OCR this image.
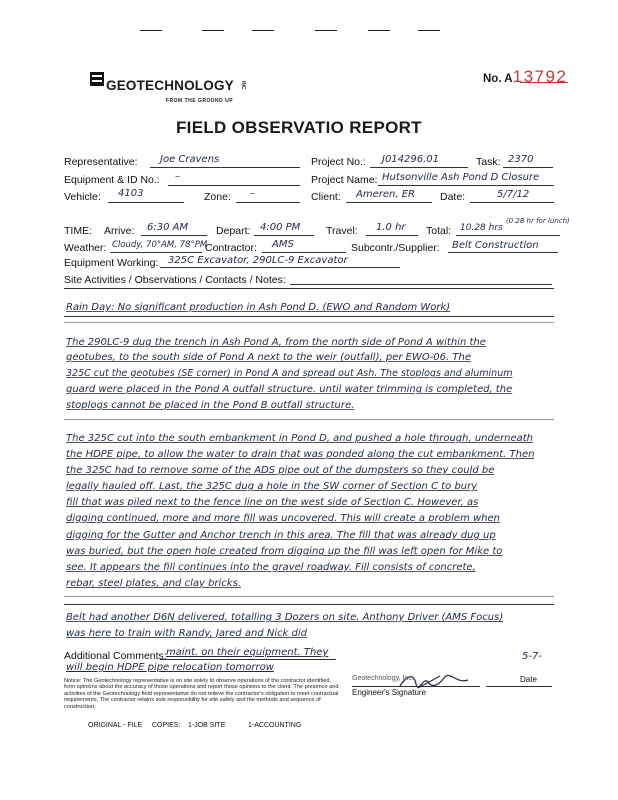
GEOTECHNOLOGY INC
FROM THE GROUND UP
No. A13792
FIELD OBSERVATIO REPORT
Representative: Joe Cravens	Project No.: J014296.01	Task: 2370
Equipment & ID No.: –	Project Name: Hutsonville Ash Pond D Closure
Vehicle: 4103	Zone: –	Client: Ameren, ER Date:	5/7/12
TIME: Arrive: 6:30 AM	Depart: 4:00 PM Travel: 1.0 hr Total: 10.28 hrs
(0.28 hr for lunch)
Weather: Cloudy, 70°AM, 78°PM
Contractor: AMS	Subcontr./Supplier: Belt Construction
Equipment Working: 325C Excavator, 290LC-9 Excavator
Site Activities / Observations / Contacts / Notes:
Rain Day: No significant production in Ash Pond D. (EWO and Random Work)
The 290LC-9 dug the trench in Ash Pond A, from the north side of Pond A within the
geotubes, to the south side of Pond A next to the weir (outfall), per EWO-06. The
325C cut the geotubes (SE corner) in Pond A and spread out Ash. The stoplogs and aluminum
guard were placed in the Pond A outfall structure. until water trimming is completed, the
stoplogs cannot be placed in the Pond B outfall structure.
The 325C cut into the south embankment in Pond D, and pushed a hole through, underneath
the HDPE pipe, to allow the water to drain that was ponded along the cut embankment. Then
the 325C had to remove some of the ADS pipe out of the dumpsters so they could be
legally hauled off. Last, the 325C dug a hole in the SW corner of Section C to bury
fill that was piled next to the fence line on the west side of Section C. However, as
digging continued, more and more fill was uncovered. This will create a problem when
digging for the Gutter and Anchor trench in this area. The fill that was already dug up
was buried, but the open hole created from digging up the fill was left open for Mike to
see. It appears the fill continues into the gravel roadway. Fill consists of concrete,
rebar, steel plates, and clay bricks.
Belt had another D6N delivered, totalling 3 Dozers on site. Anthony Driver (AMS Focus)
was here to train with Randy, Jared and Nick did
Additional Comments: maint. on their equipment. They
will begin HDPE pipe relocation tomorrow
Notice: The Geotechnology representative is on site solely to observe operations of the contractor identified, form opinions about the accuracy of those operations and report those opinions to the client. The presence and activities of the Geotechnology field representative do not relieve the contractor's obligation to meet contractual requirements. The contractor retains sole responsibility for site safety and the methods and sequence of construction.
Geotechnology, Inc.
Engineer's Signature
5-7-
Date
ORIGINAL - FILE COPIES: 1-JOB SITE	1-ACCOUNTING
